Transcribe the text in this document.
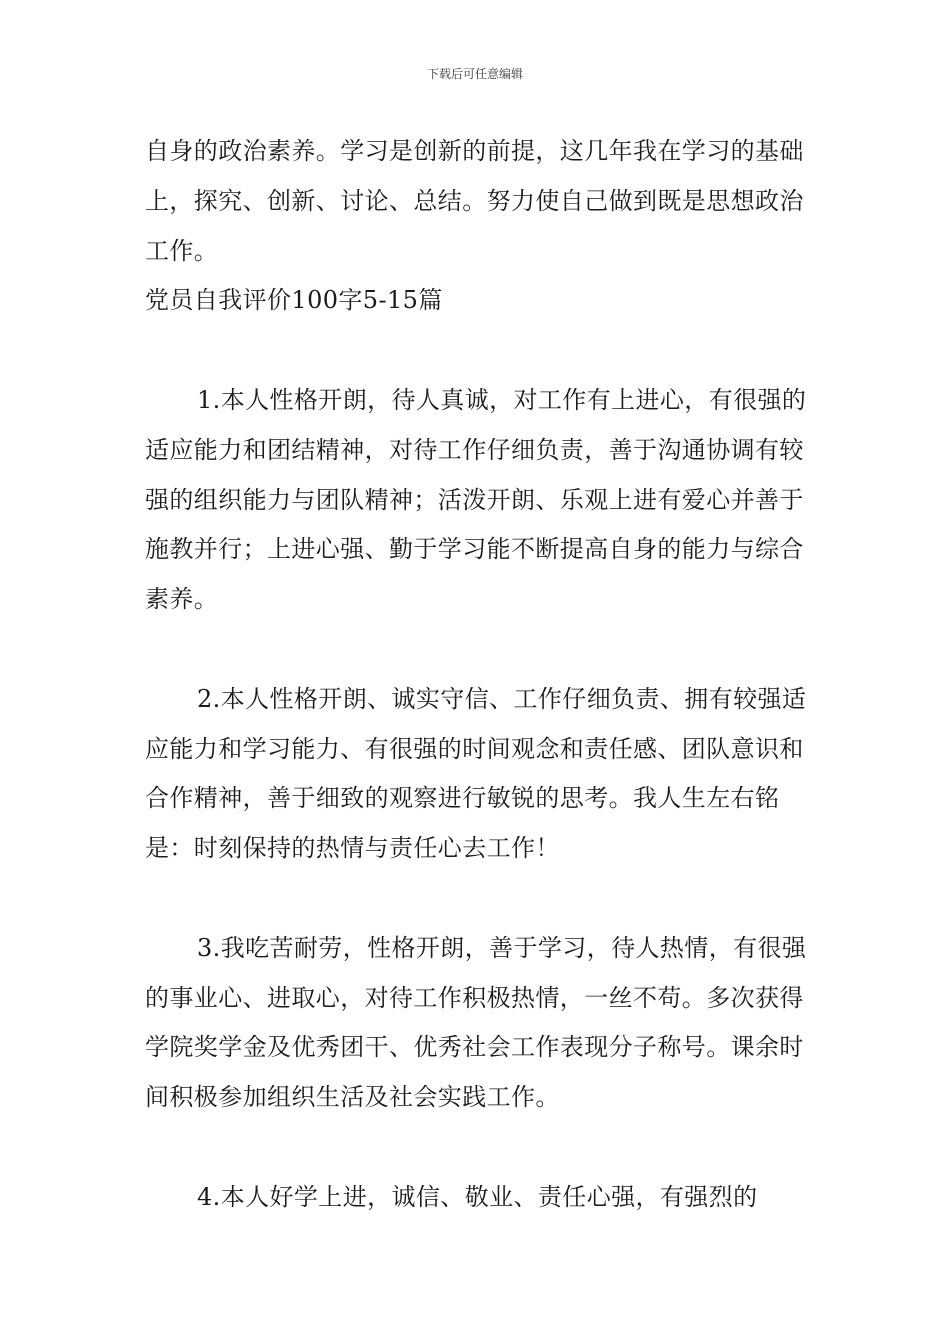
下载后可任意编辑

自身的政治素养。学习是创新的前提，这几年我在学习的基础上，探究、创新、讨论、总结。努力使自己做到既是思想政治工作。

党员自我评价100字5-15篇

1.本人性格开朗，待人真诚，对工作有上进心，有很强的适应能力和团结精神，对待工作仔细负责，善于沟通协调有较强的组织能力与团队精神；活泼开朗、乐观上进有爱心并善于施教并行；上进心强、勤于学习能不断提高自身的能力与综合素养。

2.本人性格开朗、诚实守信、工作仔细负责、拥有较强适应能力和学习能力、有很强的时间观念和责任感、团队意识和合作精神，善于细致的观察进行敏锐的思考。我人生左右铭是：时刻保持的热情与责任心去工作！

3.我吃苦耐劳，性格开朗，善于学习，待人热情，有很强的事业心、进取心，对待工作积极热情，一丝不苟。多次获得学院奖学金及优秀团干、优秀社会工作表现分子称号。课余时间积极参加组织生活及社会实践工作。

4.本人好学上进，诚信、敬业、责任心强，有强烈的
